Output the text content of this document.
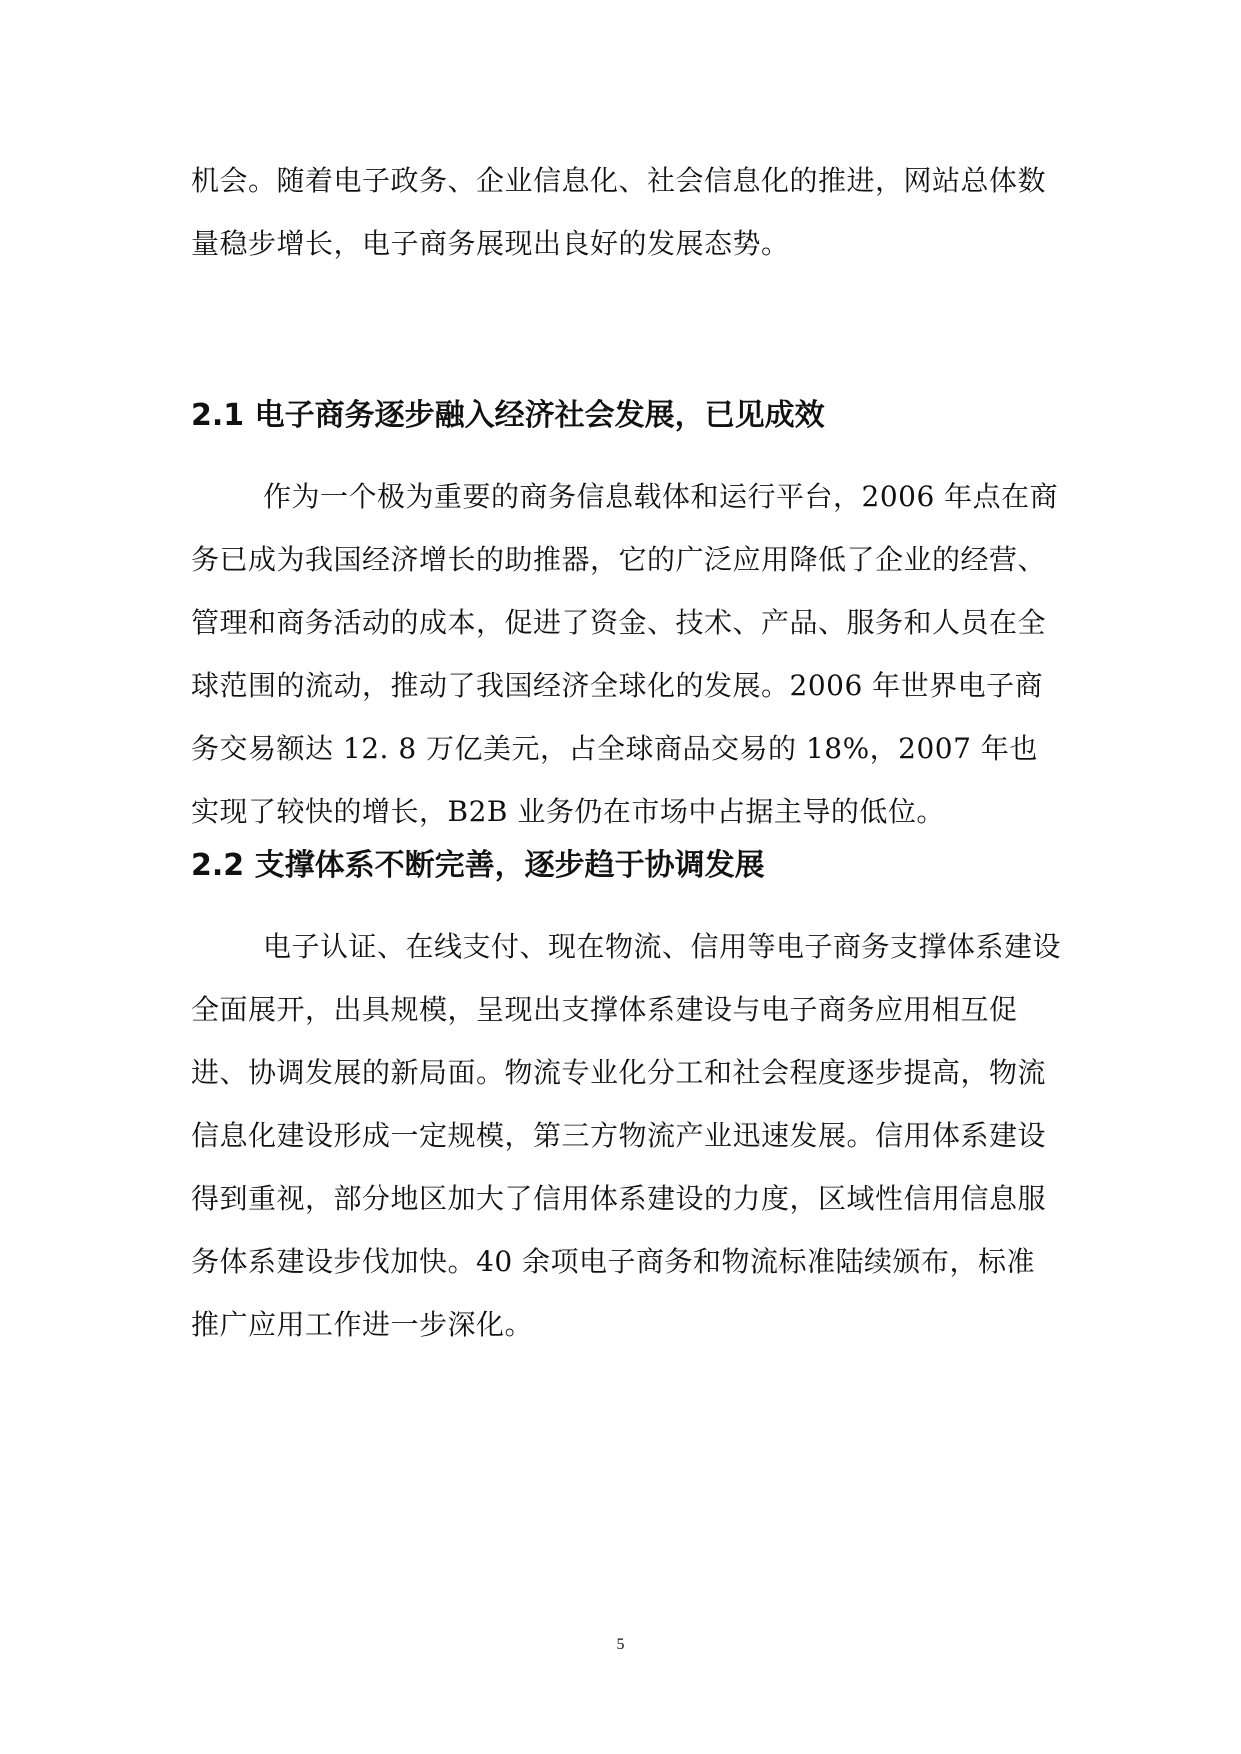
机会。随着电子政务、企业信息化、社会信息化的推进，网站总体数量稳步增长，电子商务展现出良好的发展态势。

2.1 电子商务逐步融入经济社会发展，已见成效

作为一个极为重要的商务信息载体和运行平台，2006 年点在商务已成为我国经济增长的助推器，它的广泛应用降低了企业的经营、管理和商务活动的成本，促进了资金、技术、产品、服务和人员在全球范围的流动，推动了我国经济全球化的发展。2006 年世界电子商务交易额达 12. 8 万亿美元，占全球商品交易的 18%，2007 年也实现了较快的增长，B2B 业务仍在市场中占据主导的低位。

2.2 支撑体系不断完善，逐步趋于协调发展

电子认证、在线支付、现在物流、信用等电子商务支撑体系建设全面展开，出具规模，呈现出支撑体系建设与电子商务应用相互促进、协调发展的新局面。物流专业化分工和社会程度逐步提高，物流信息化建设形成一定规模，第三方物流产业迅速发展。信用体系建设得到重视，部分地区加大了信用体系建设的力度，区域性信用信息服务体系建设步伐加快。40 余项电子商务和物流标准陆续颁布，标准推广应用工作进一步深化。

5
